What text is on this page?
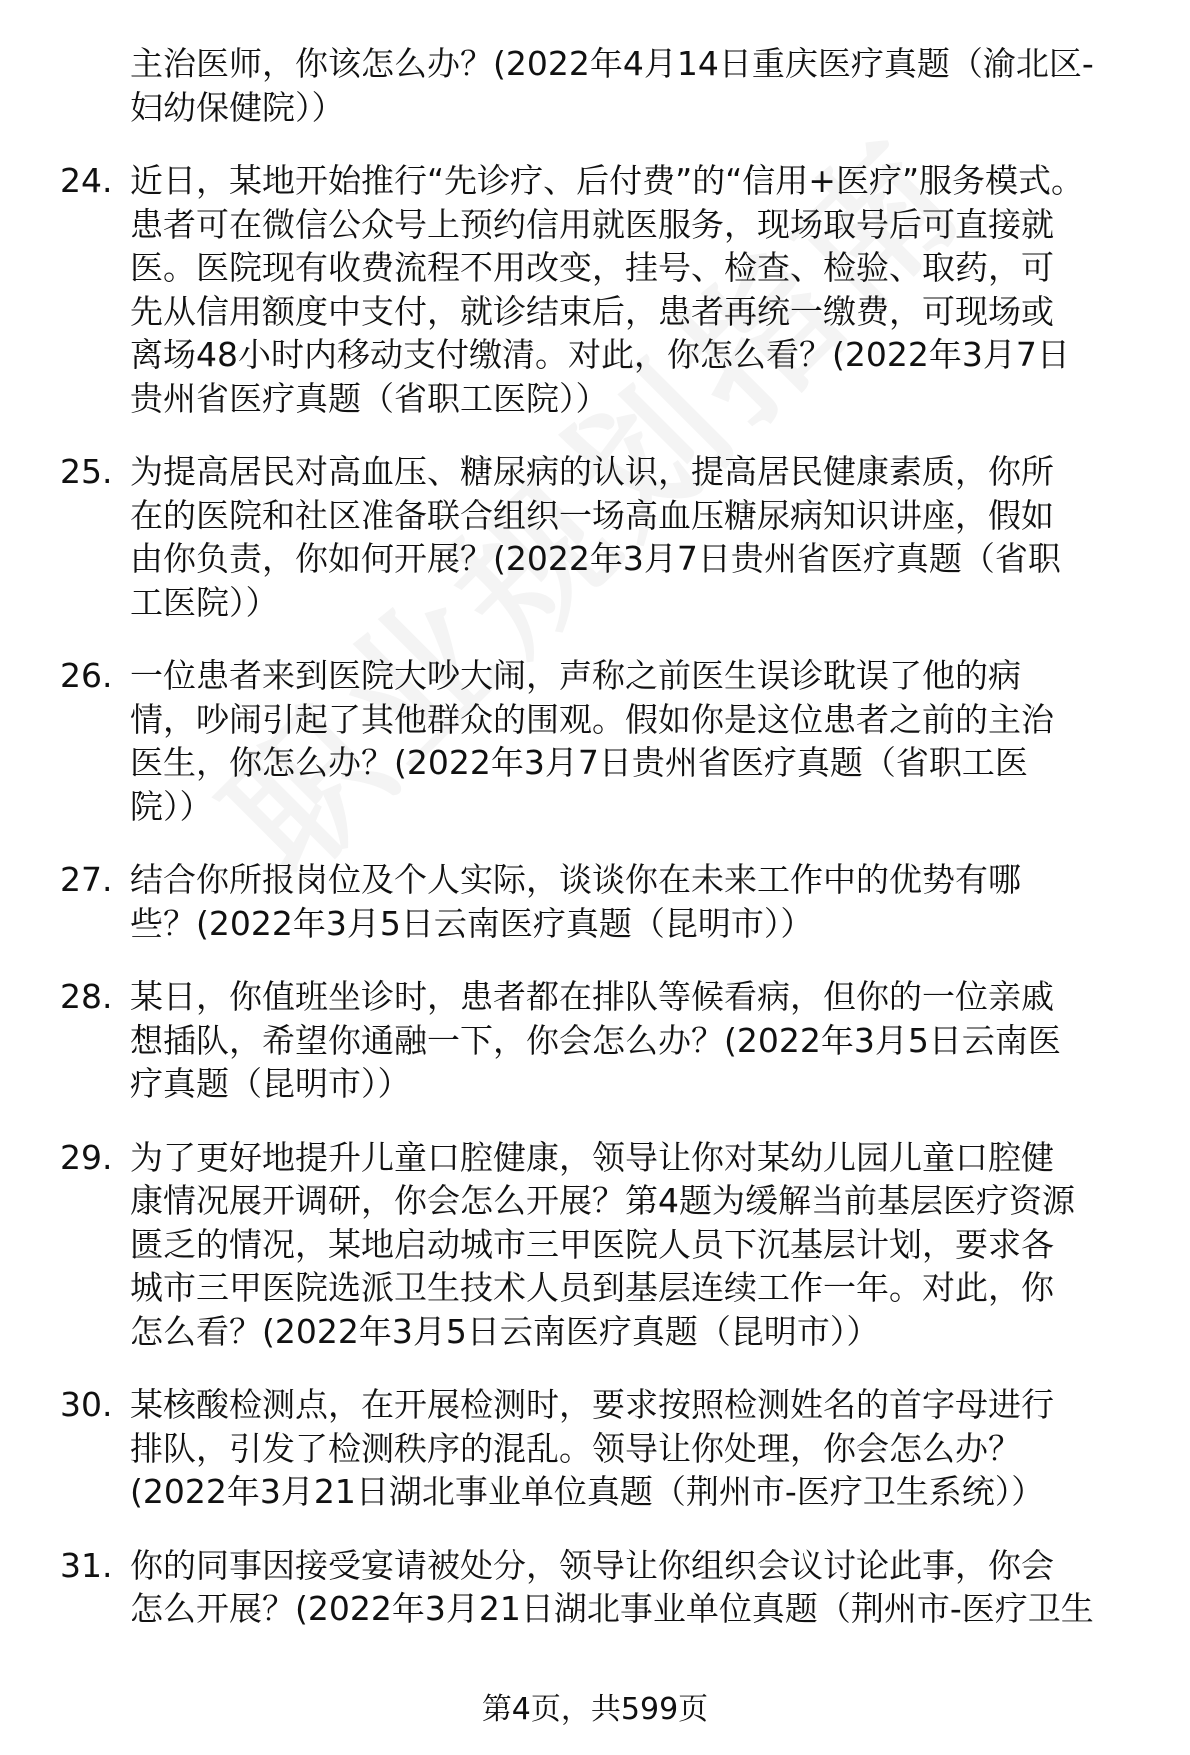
主治医师，你该怎么办？(2022年4月14日重庆医疗真题（渝北区-
妇幼保健院））
24. 近日，某地开始推行“先诊疗、后付费”的“信用+医疗”服务模式。
患者可在微信公众号上预约信用就医服务，现场取号后可直接就
医。医院现有收费流程不用改变，挂号、检查、检验、取药，可
先从信用额度中支付，就诊结束后，患者再统一缴费，可现场或
离场48小时内移动支付缴清。对此，你怎么看？(2022年3月7日
贵州省医疗真题（省职工医院））
25. 为提高居民对高血压、糖尿病的认识，提高居民健康素质，你所
在的医院和社区准备联合组织一场高血压糖尿病知识讲座，假如
由你负责，你如何开展？(2022年3月7日贵州省医疗真题（省职
工医院））
26. 一位患者来到医院大吵大闹，声称之前医生误诊耽误了他的病
情，吵闹引起了其他群众的围观。假如你是这位患者之前的主治
医生，你怎么办？(2022年3月7日贵州省医疗真题（省职工医
院））
27. 结合你所报岗位及个人实际，谈谈你在未来工作中的优势有哪
些？(2022年3月5日云南医疗真题（昆明市））
28. 某日，你值班坐诊时，患者都在排队等候看病，但你的一位亲戚
想插队，希望你通融一下，你会怎么办？(2022年3月5日云南医
疗真题（昆明市））
29. 为了更好地提升儿童口腔健康，领导让你对某幼儿园儿童口腔健
康情况展开调研，你会怎么开展？第4题为缓解当前基层医疗资源
匮乏的情况，某地启动城市三甲医院人员下沉基层计划，要求各
城市三甲医院选派卫生技术人员到基层连续工作一年。对此，你
怎么看？(2022年3月5日云南医疗真题（昆明市））
30. 某核酸检测点，在开展检测时，要求按照检测姓名的首字母进行
排队，引发了检测秩序的混乱。领导让你处理，你会怎么办？
(2022年3月21日湖北事业单位真题（荆州市-医疗卫生系统））
31. 你的同事因接受宴请被处分，领导让你组织会议讨论此事，你会
怎么开展？(2022年3月21日湖北事业单位真题（荆州市-医疗卫生
第4页，共599页
